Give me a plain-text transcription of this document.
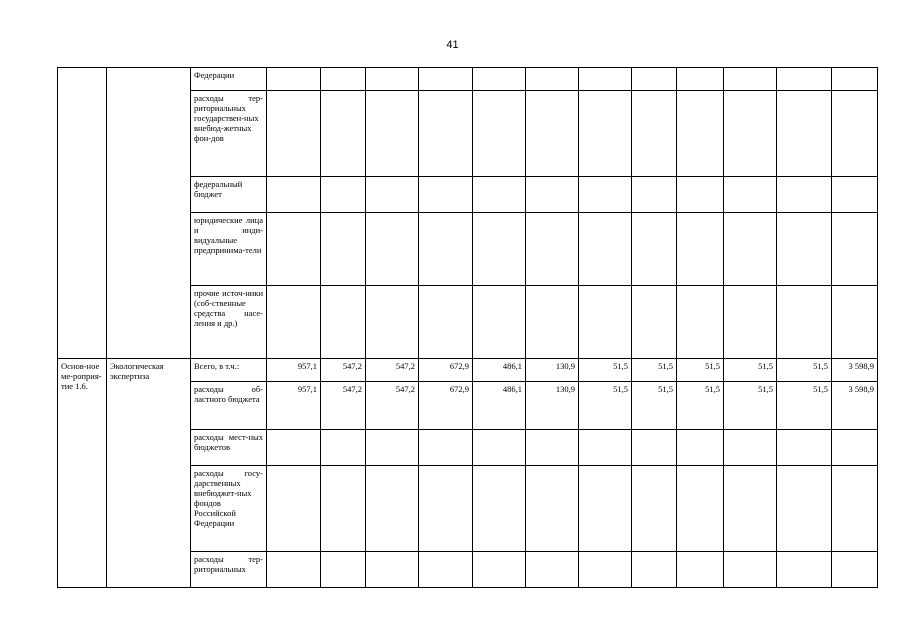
41
		Федерации												
		расходы тер-риториальных государствен-ных внебюд-жетных фон-дов												
		федеральный бюджет												
		юридические лица и инди-видуальные предпринима-тели												
		прочие источ-ники (соб-ственные средства насе-ления и др.)												
Основ-ное ме-роприя-тие 1.6.	Экологическая экспертиза	Всего, в т.ч.:	957,1	547,2	547,2	672,9	486,1	130,9	51,5	51,5	51,5	51,5	51,5	3 598,9
		расходы об-ластного бюджета	957,1	547,2	547,2	672,9	486,1	130,9	51,5	51,5	51,5	51,5	51,5	3 598,9
		расходы мест-ных бюджетов												
		расходы госу-дарственных внебюджет-ных фондов Российской Федерации												
		расходы тер-риториальных												
